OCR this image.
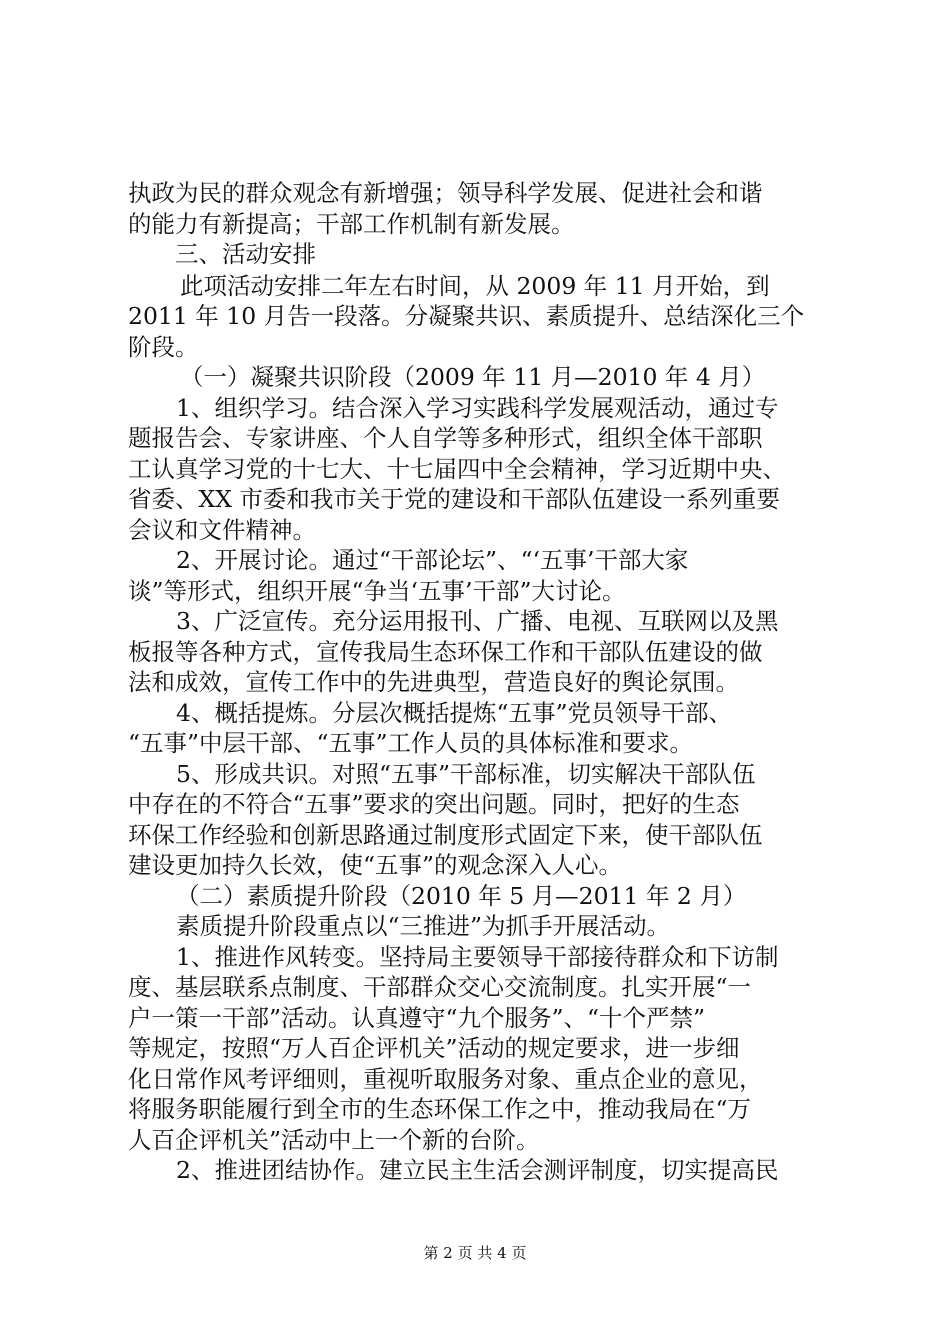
执政为民的群众观念有新增强；领导科学发展、促进社会和谐
的能力有新提高；干部工作机制有新发展。
三、活动安排
此项活动安排二年左右时间，从 2009 年 11 月开始，到
2011 年 10 月告一段落。分凝聚共识、素质提升、总结深化三个
阶段。
（一）凝聚共识阶段（2009 年 11 月—2010 年 4 月）
1、组织学习。结合深入学习实践科学发展观活动，通过专
题报告会、专家讲座、个人自学等多种形式，组织全体干部职
工认真学习党的十七大、十七届四中全会精神，学习近期中央、
省委、XX 市委和我市关于党的建设和干部队伍建设一系列重要
会议和文件精神。
2、开展讨论。通过“干部论坛”、“‘五事’干部大家
谈”等形式，组织开展“争当‘五事’干部”大讨论。
3、广泛宣传。充分运用报刊、广播、电视、互联网以及黑
板报等各种方式，宣传我局生态环保工作和干部队伍建设的做
法和成效，宣传工作中的先进典型，营造良好的舆论氛围。
4、概括提炼。分层次概括提炼“五事”党员领导干部、
“五事”中层干部、“五事”工作人员的具体标准和要求。
5、形成共识。对照“五事”干部标准，切实解决干部队伍
中存在的不符合“五事”要求的突出问题。同时，把好的生态
环保工作经验和创新思路通过制度形式固定下来，使干部队伍
建设更加持久长效，使“五事”的观念深入人心。
（二）素质提升阶段（2010 年 5 月—2011 年 2 月）
素质提升阶段重点以“三推进”为抓手开展活动。
1、推进作风转变。坚持局主要领导干部接待群众和下访制
度、基层联系点制度、干部群众交心交流制度。扎实开展“一
户一策一干部”活动。认真遵守“九个服务”、“十个严禁”
等规定，按照“万人百企评机关”活动的规定要求，进一步细
化日常作风考评细则，重视听取服务对象、重点企业的意见，
将服务职能履行到全市的生态环保工作之中，推动我局在“万
人百企评机关”活动中上一个新的台阶。
2、推进团结协作。建立民主生活会测评制度，切实提高民
第 2 页 共 4 页
